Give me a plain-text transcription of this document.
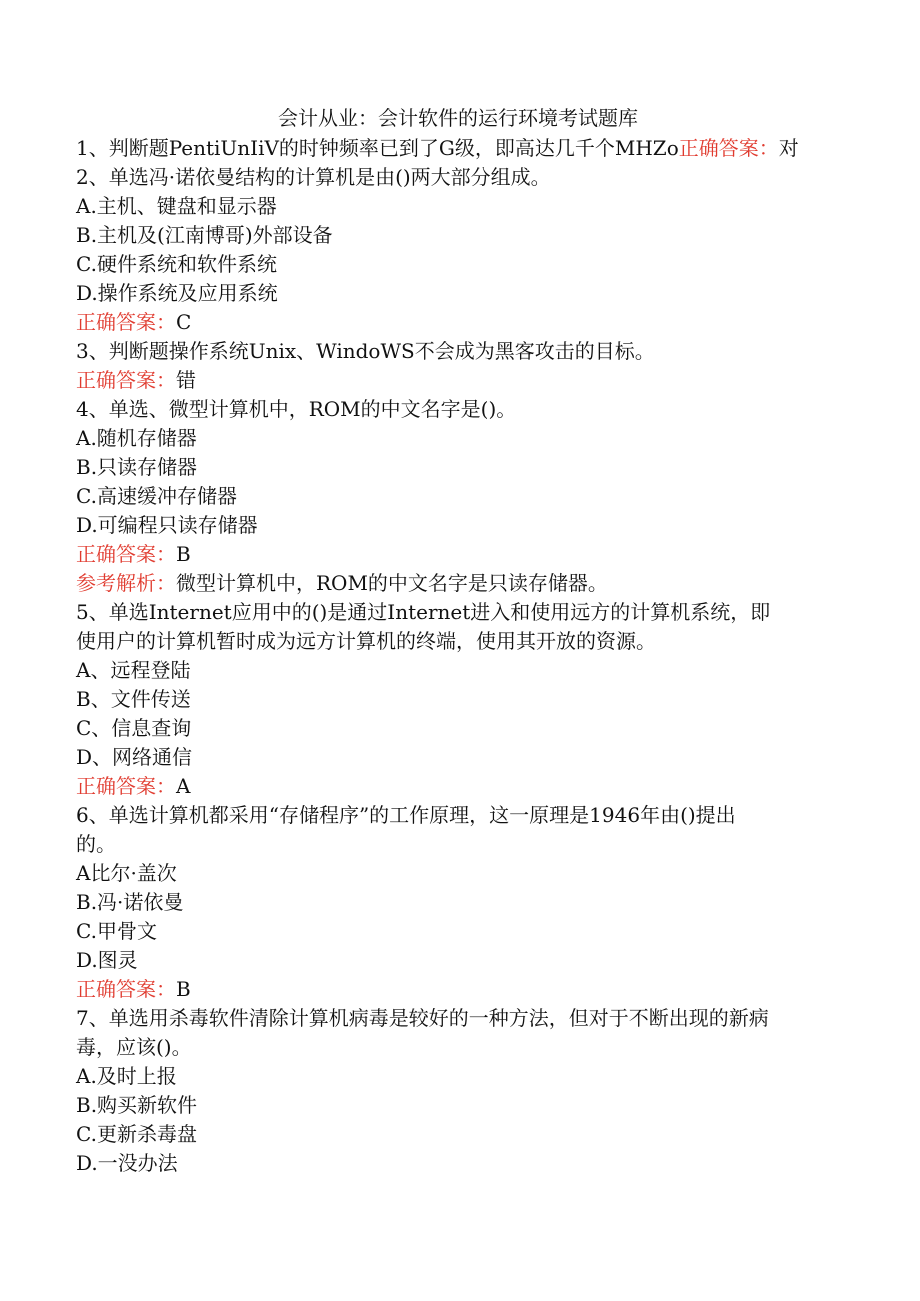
会计从业：会计软件的运行环境考试题库
1、判断题PentiUnIiV的时钟频率已到了G级，即高达几千个MHZo正确答案：对
2、单选冯·诺依曼结构的计算机是由()两大部分组成。
A.主机、键盘和显示器
B.主机及(江南博哥)外部设备
C.硬件系统和软件系统
D.操作系统及应用系统
正确答案：C
3、判断题操作系统Unix、WindoWS不会成为黑客攻击的目标。
正确答案：错
4、单选、微型计算机中，ROM的中文名字是()。
A.随机存储器
B.只读存储器
C.高速缓冲存储器
D.可编程只读存储器
正确答案：B
参考解析：微型计算机中，ROM的中文名字是只读存储器。
5、单选Internet应用中的()是通过Internet进入和使用远方的计算机系统，即
使用户的计算机暂时成为远方计算机的终端，使用其开放的资源。
A、远程登陆
B、文件传送
C、信息查询
D、网络通信
正确答案：A
6、单选计算机都采用“存储程序”的工作原理，这一原理是1946年由()提出
的。
A比尔·盖次
B.冯·诺依曼
C.甲骨文
D.图灵
正确答案：B
7、单选用杀毒软件清除计算机病毒是较好的一种方法，但对于不断出现的新病
毒，应该()。
A.及时上报
B.购买新软件
C.更新杀毒盘
D.一没办法
